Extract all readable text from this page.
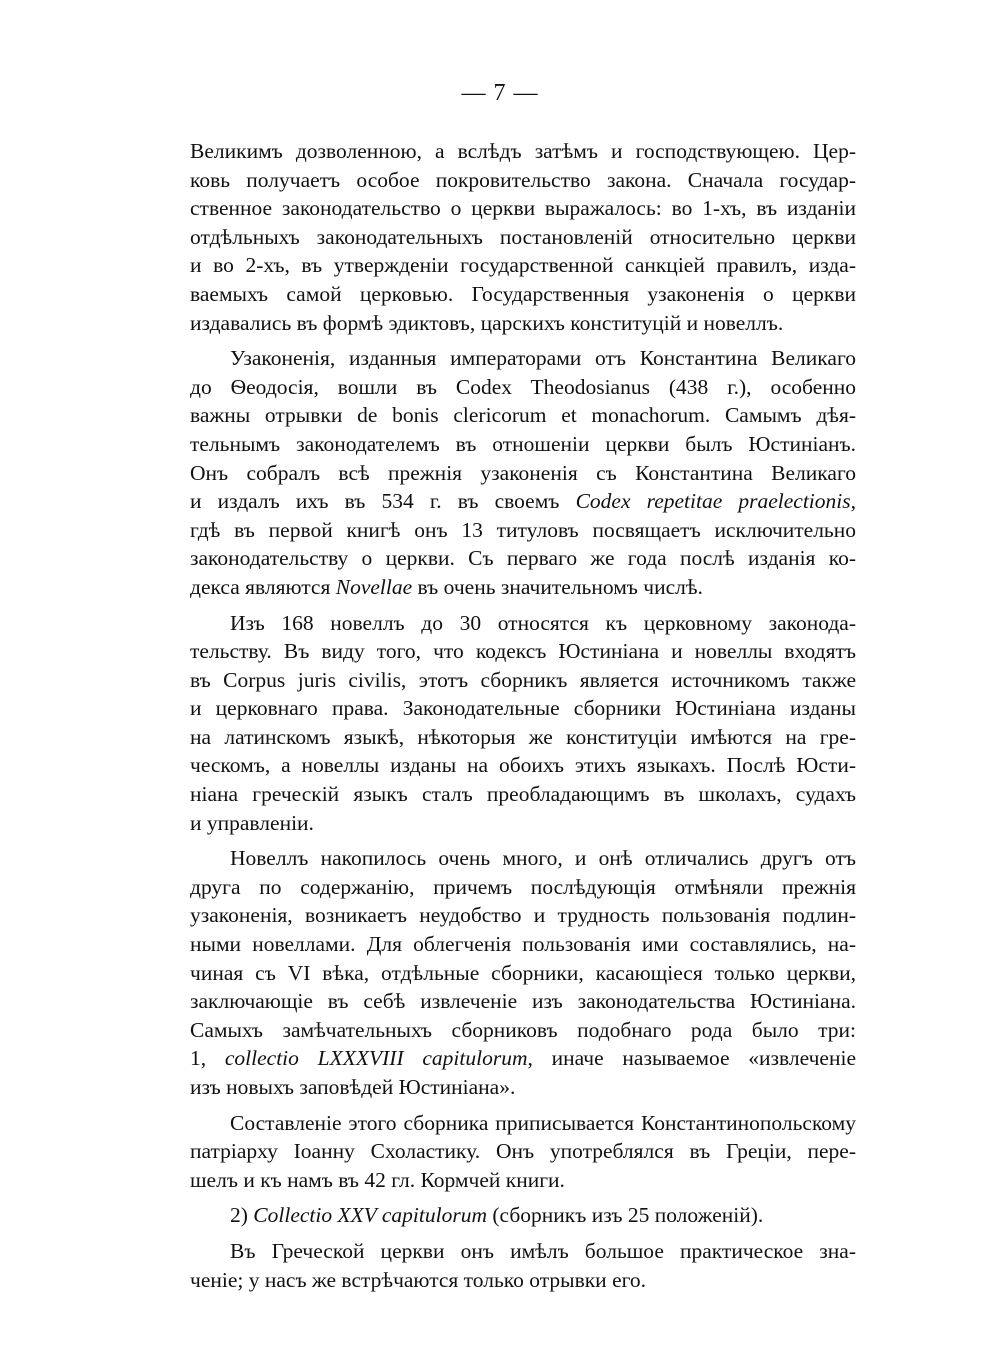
— 7 —
Великимъ дозволенною, а вслѣдъ затѣмъ и господствующею. Цер-
ковь получаетъ особое покровительство закона. Сначала государ-
ственное законодательство о церкви выражалось: во 1-хъ, въ изданіи
отдѣльныхъ законодательныхъ постановленій относительно церкви
и во 2-хъ, въ утвержденіи государственной санкціей правилъ, изда-
ваемыхъ самой церковью. Государственныя узаконенія о церкви
издавались въ формѣ эдиктовъ, царскихъ конституцій и новеллъ.
Узаконенія, изданныя императорами отъ Константина Великаго
до Ѳеодосія, вошли въ Codex Theodosianus (438 г.), особенно
важны отрывки de bonis clericorum et monachorum. Самымъ дѣя-
тельнымъ законодателемъ въ отношеніи церкви былъ Юстиніанъ.
Онъ собралъ всѣ прежнія узаконенія съ Константина Великаго
и издалъ ихъ въ 534 г. въ своемъ Codex repetitae praelectionis,
гдѣ въ первой книгѣ онъ 13 титуловъ посвящаетъ исключительно
законодательству о церкви. Съ перваго же года послѣ изданія ко-
декса являются Novellae въ очень значительномъ числѣ.
Изъ 168 новеллъ до 30 относятся къ церковному законода-
тельству. Въ виду того, что кодексъ Юстиніана и новеллы входятъ
въ Corpus juris civilis, этотъ сборникъ является источникомъ также
и церковнаго права. Законодательные сборники Юстиніана изданы
на латинскомъ языкѣ, нѣкоторыя же конституціи имѣются на гре-
ческомъ, а новеллы изданы на обоихъ этихъ языкахъ. Послѣ Юсти-
ніана греческій языкъ сталъ преобладающимъ въ школахъ, судахъ
и управленіи.
Новеллъ накопилось очень много, и онѣ отличались другъ отъ
друга по содержанію, причемъ послѣдующія отмѣняли прежнія
узаконенія, возникаетъ неудобство и трудность пользованія подлин-
ными новеллами. Для облегченія пользованія ими составлялись, на-
чиная съ VI вѣка, отдѣльные сборники, касающіеся только церкви,
заключающіе въ себѣ извлеченіе изъ законодательства Юстиніана.
Самыхъ замѣчательныхъ сборниковъ подобнаго рода было три:
1, collectio LXXXVIII capitulorum, иначе называемое «извлеченіе
изъ новыхъ заповѣдей Юстиніана».
Составленіе этого сборника приписывается Константинопольскому
патріарху Іоанну Схоластику. Онъ употреблялся въ Греціи, пере-
шелъ и къ намъ въ 42 гл. Кормчей книги.
2) Collectio XXV capitulorum (сборникъ изъ 25 положеній).
Въ Греческой церкви онъ имѣлъ большое практическое зна-
ченіе; у насъ же встрѣчаются только отрывки его.
